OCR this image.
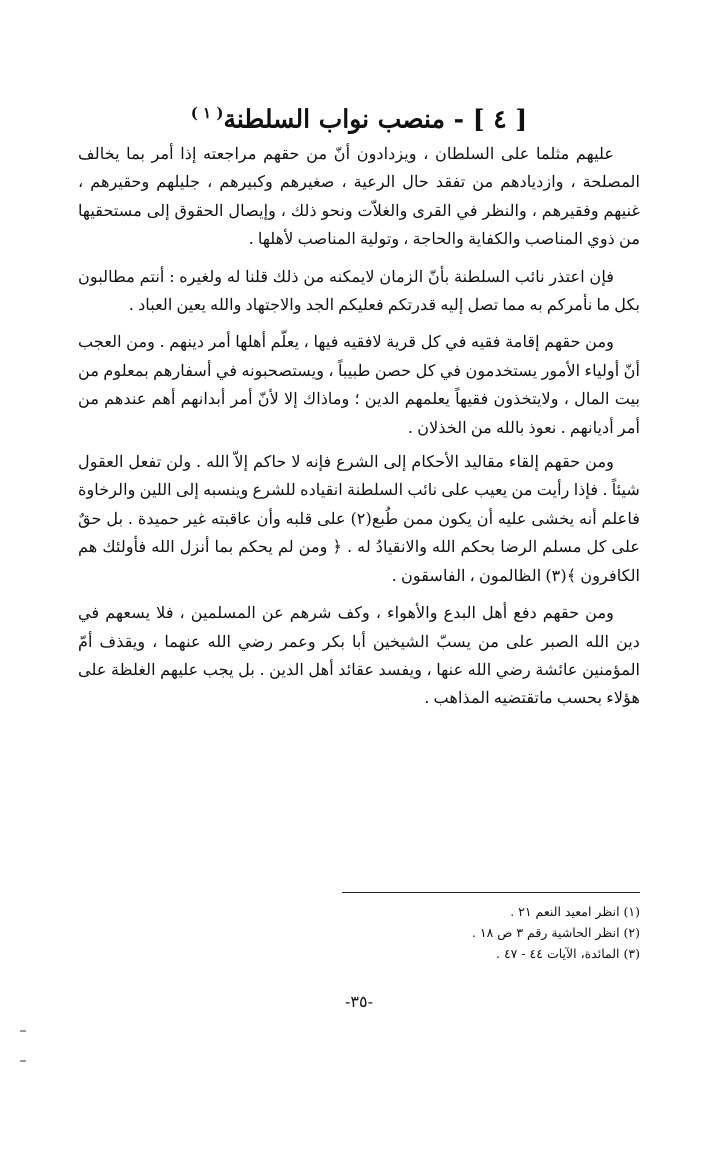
[ ٤ ] - منصب نواب السلطنة$^{( ١ )}$

عليهم مثلما على السلطان ، ويزدادون أنّ من حقهم مراجعته إذا أمر بما يخالف المصلحة ، وازديادهم من تفقد حال الرعية ، صغيرهم وكبيرهم ، جليلهم وحقيرهم ، غنيهم وفقيرهم ، والنظر في القرى والغلاّت ونحو ذلك ، وإيصال الحقوق إلى مستحقيها من ذوي المناصب والكفاية والحاجة ، وتولية المناصب لأهلها .

فإن اعتذر نائب السلطنة بأنّ الزمان لايمكنه من ذلك قلنا له ولغيره : أنتم مطالبون بكل ما نأمركم به مما تصل إليه قدرتكم فعليكم الجد والاجتهاد والله يعين العباد .

ومن حقهم إقامة فقيه في كل قرية لافقيه فيها ، يعلّم أهلها أمر دينهم . ومن العجب أنّ أولياء الأمور يستخدمون في كل حصن طبيباً ، ويستصحبونه في أسفارهم بمعلوم من بيت المال ، ولايتخذون فقيهاً يعلمهم الدين ؛ وماذاك إلا لأنّ أمر أبدانهم أهم عندهم من أمر أديانهم . نعوذ بالله من الخذلان .

ومن حقهم إلقاء مقاليد الأحكام إلى الشرع فإنه لا حاكم إلاّ الله . ولن تفعل العقول شيئاً . فإذا رأيت من يعيب على نائب السلطنة انقياده للشرع وينسبه إلى اللين والرخاوة فاعلم أنه يخشى عليه أن يكون ممن طُبع(٢) على قلبه وأن عاقبته غير حميدة . بل حقٌ على كل مسلم الرضا بحكم الله والانقيادُ له . ﴿ ومن لم يحكم بما أنزل الله فأولئك هم الكافرون ﴾(٣) الظالمون ، الفاسقون .

ومن حقهم دفع أهل البدع والأهواء ، وكف شرهم عن المسلمين ، فلا يسعهم في دين الله الصبر على من يسبّ الشيخين أبا بكر وعمر رضي الله عنهما ، ويقذف أمّ المؤمنين عائشة رضي الله عنها ، ويفسد عقائد أهل الدين . بل يجب عليهم الغلظة على هؤلاء بحسب ماتقتضيه المذاهب .

(١) انظر امعيد النعم ٢١ .
(٢) انظر الحاشية رقم ٣ ص ١٨ .
(٣) المائدة، الآيات ٤٤ - ٤٧ .
-٣٥-
